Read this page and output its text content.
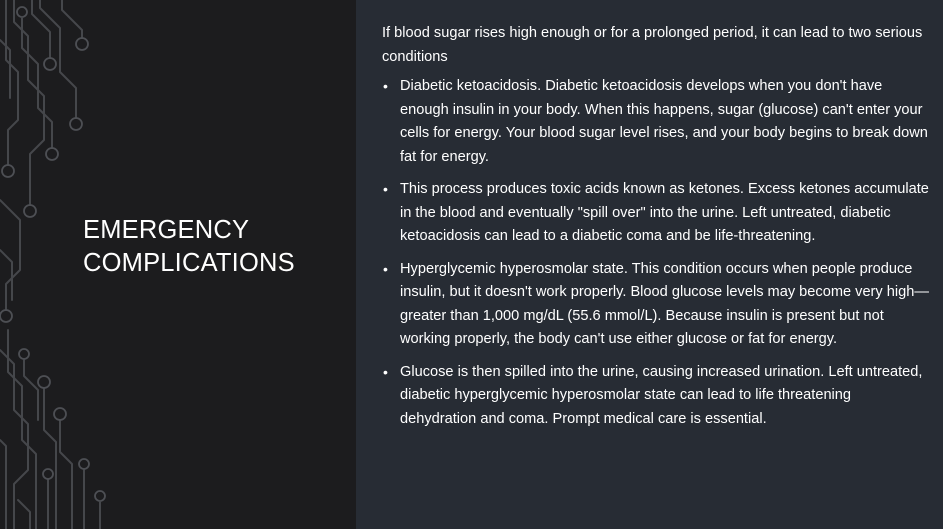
EMERGENCY
COMPLICATIONS

If blood sugar rises high enough or for a prolonged period, it can lead to two serious conditions

• Diabetic ketoacidosis. Diabetic ketoacidosis develops when you don't have enough insulin in your body. When this happens, sugar (glucose) can't enter your cells for energy. Your blood sugar level rises, and your body begins to break down fat for energy.
• This process produces toxic acids known as ketones. Excess ketones accumulate in the blood and eventually "spill over" into the urine. Left untreated, diabetic ketoacidosis can lead to a diabetic coma and be life-threatening.
• Hyperglycemic hyperosmolar state. This condition occurs when people produce insulin, but it doesn't work properly. Blood glucose levels may become very high— greater than 1,000 mg/dL (55.6 mmol/L). Because insulin is present but not working properly, the body can't use either glucose or fat for energy.
• Glucose is then spilled into the urine, causing increased urination. Left untreated, diabetic hyperglycemic hyperosmolar state can lead to life threatening dehydration and coma. Prompt medical care is essential.
